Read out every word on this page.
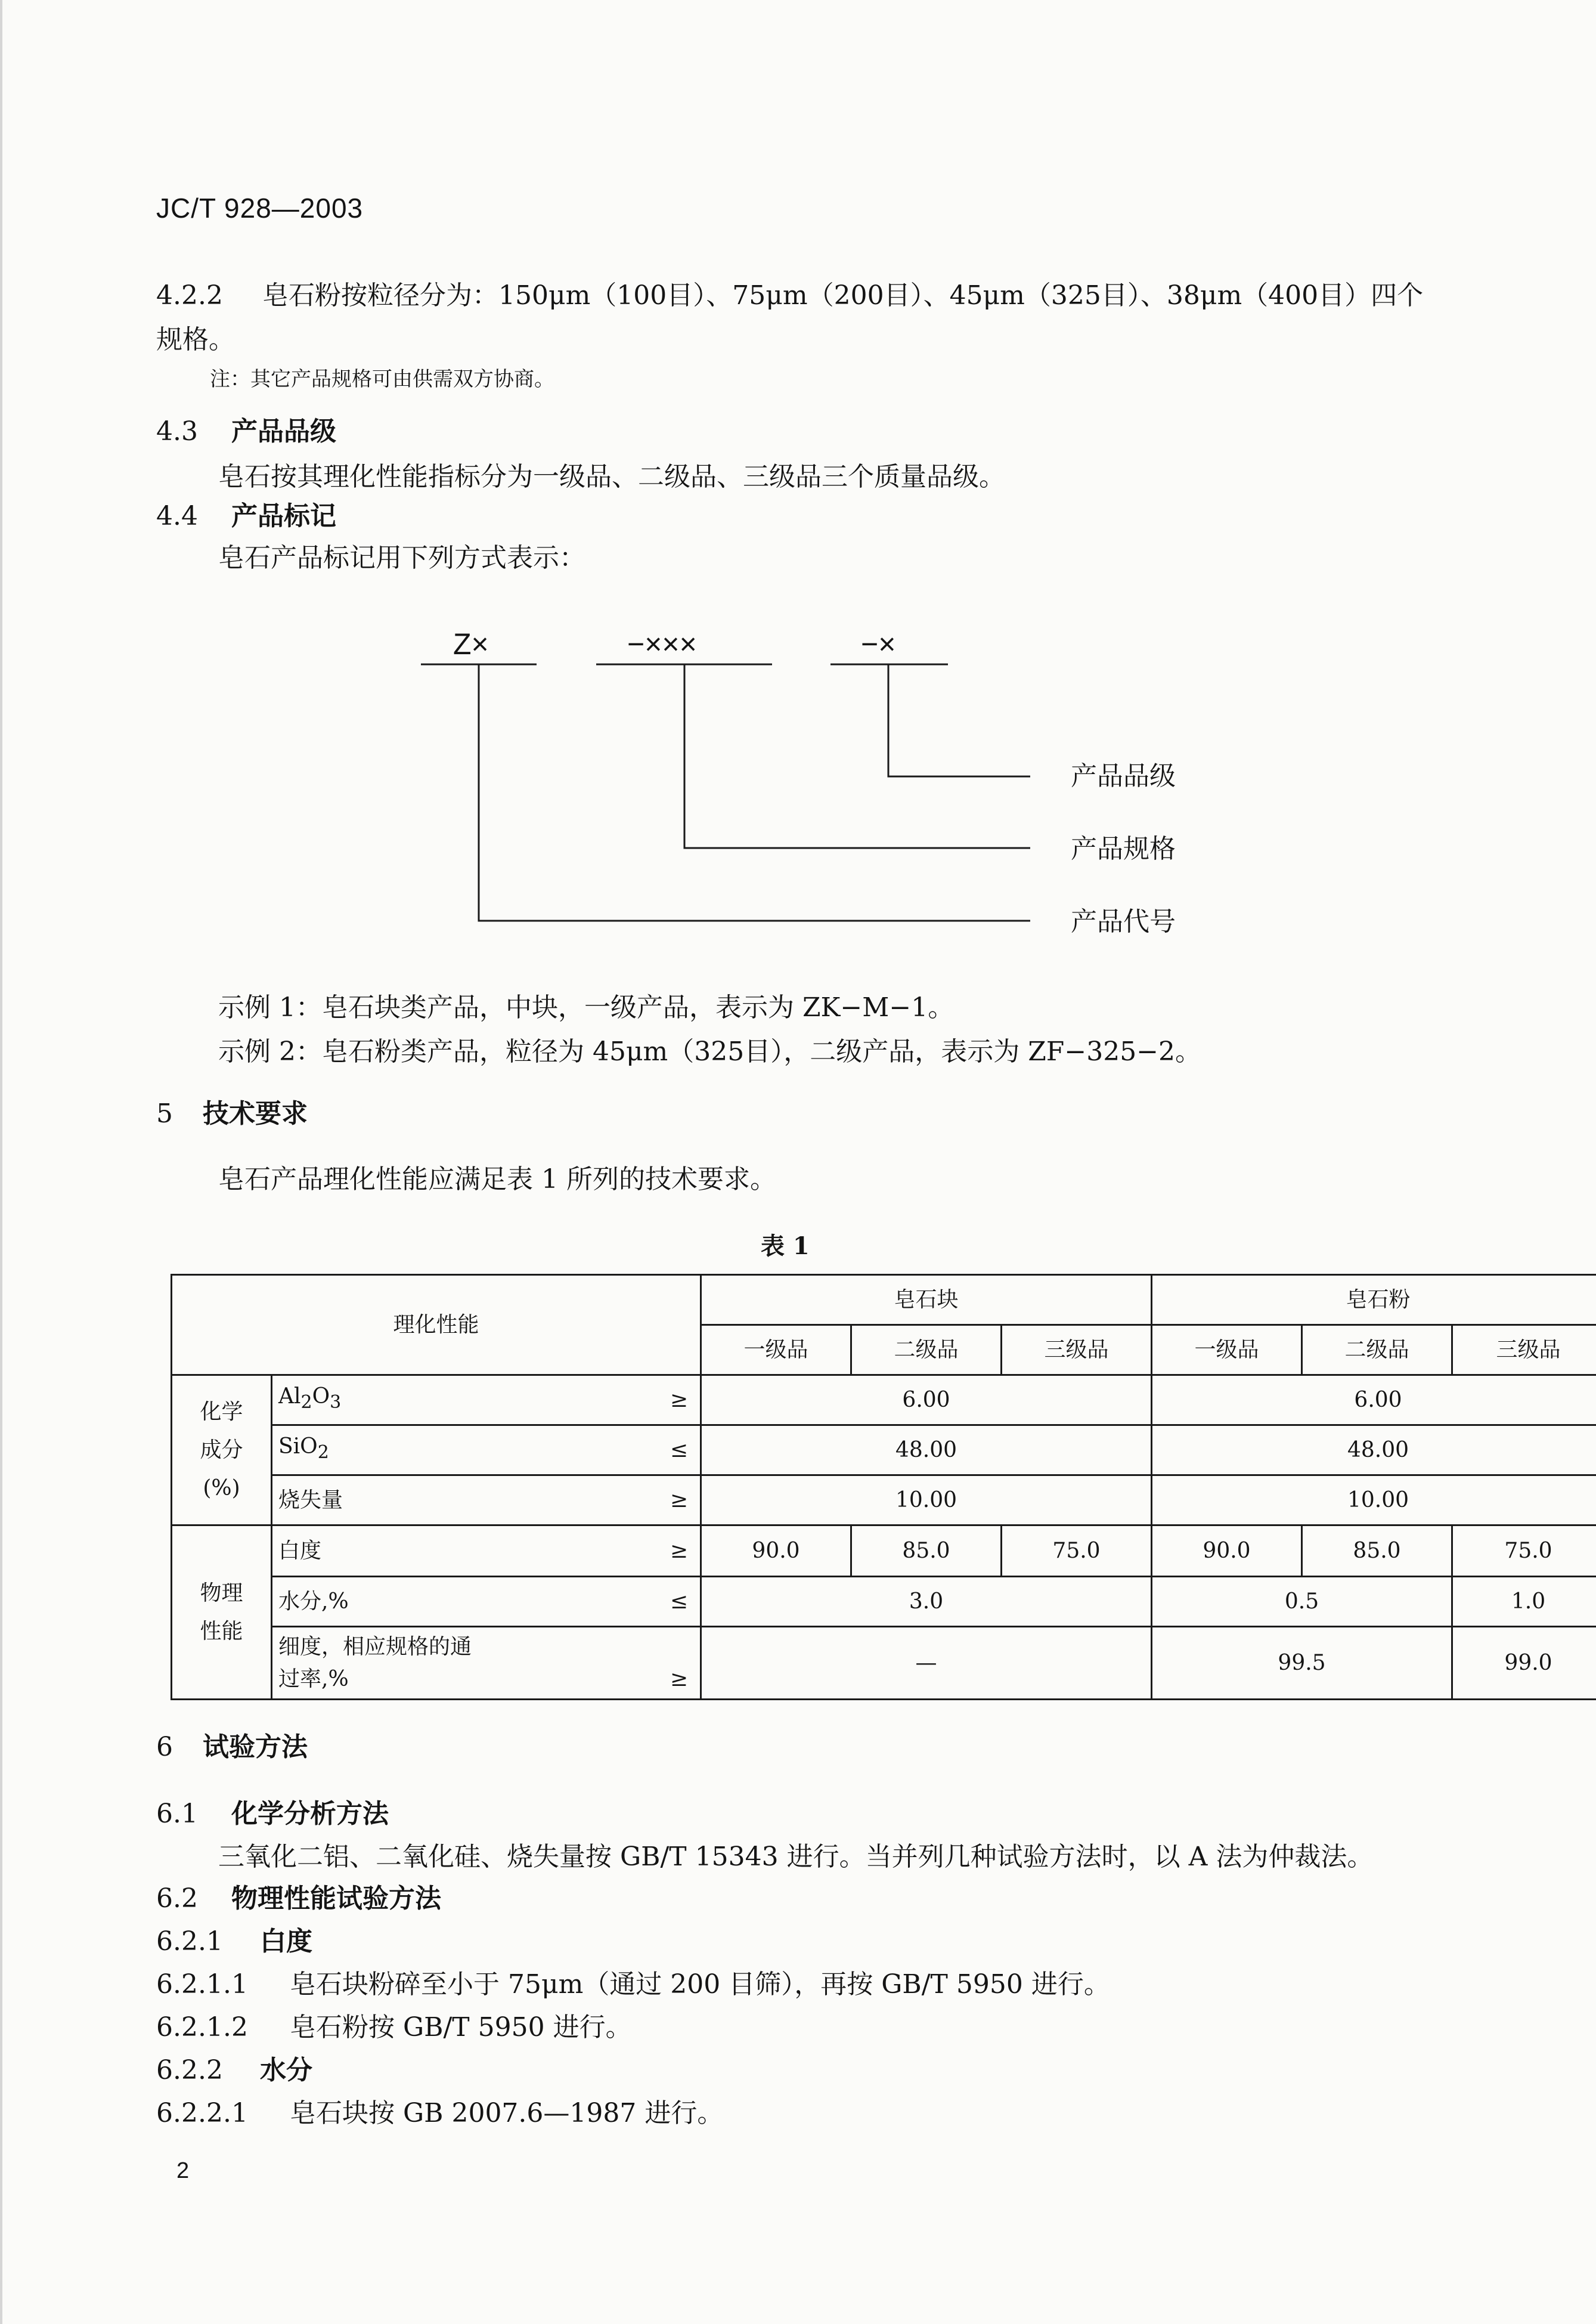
JC/T 928—2003
4.2.2 皂石粉按粒径分为：150μm（100目）、75μm（200目）、45μm（325目）、38μm（400目）四个
规格。
注：其它产品规格可由供需双方协商。
4.3 产品品级
皂石按其理化性能指标分为一级品、二级品、三级品三个质量品级。
4.4 产品标记
皂石产品标记用下列方式表示：
Z×	−×××	−×
产品品级
产品规格
产品代号
示例 1：皂石块类产品，中块，一级产品，表示为 ZK−M−1。
示例 2：皂石粉类产品，粒径为 45μm（325目），二级产品，表示为 ZF−325−2。
5 技术要求
皂石产品理化性能应满足表 1 所列的技术要求。
表 1
理化性能			皂石块			皂石粉		
			一级品	二级品	三级品	一级品	二级品	三级品

化学
成分
(%)	$Al_2O_3$	≥	6.00			6.00		
	SiO$_2$	≤	48.00			48.00		
	烧失量	≥	10.00			10.00		

物理
性能	白度	≥	90.0	85.0	75.0	90.0	85.0	75.0
	水分,%	≤	3.0			0.5		1.0

	细度，相应规格的通
过率,% ≥		—			99.5		99.0
6 试验方法
6.1 化学分析方法
三氧化二铝、二氧化硅、烧失量按 GB/T 15343 进行。当并列几种试验方法时，以 A 法为仲裁法。
6.2 物理性能试验方法
6.2.1 白度
6.2.1.1 皂石块粉碎至小于 75μm（通过 200 目筛），再按 GB/T 5950 进行。
6.2.1.2 皂石粉按 GB/T 5950 进行。
6.2.2 水分
6.2.2.1 皂石块按 GB 2007.6—1987 进行。
2
